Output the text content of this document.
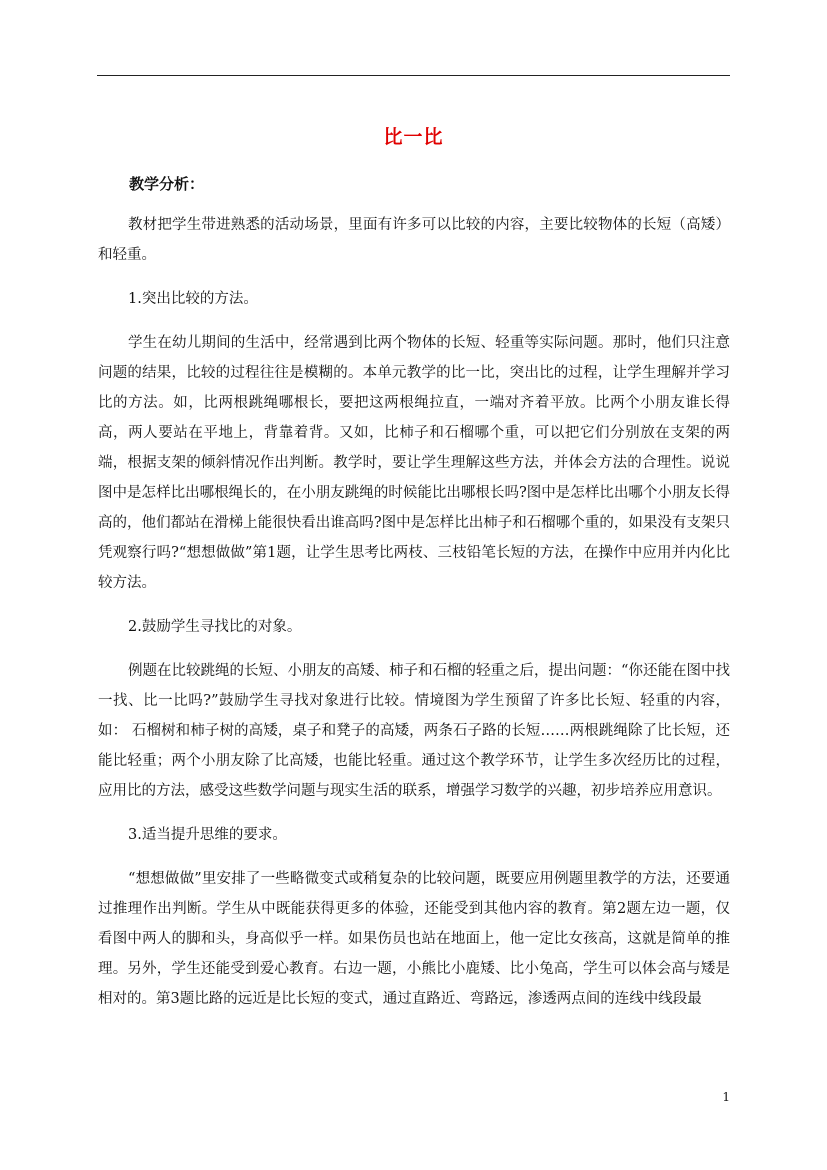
比一比
教学分析：

教材把学生带进熟悉的活动场景，里面有许多可以比较的内容，主要比较物体的长短（高矮）和轻重。

1.突出比较的方法。

学生在幼儿期间的生活中，经常遇到比两个物体的长短、轻重等实际问题。那时，他们只注意问题的结果，比较的过程往往是模糊的。本单元教学的比一比，突出比的过程，让学生理解并学习比的方法。如，比两根跳绳哪根长，要把这两根绳拉直，一端对齐着平放。比两个小朋友谁长得高，两人要站在平地上，背靠着背。又如，比柿子和石榴哪个重，可以把它们分别放在支架的两端，根据支架的倾斜情况作出判断。教学时，要让学生理解这些方法，并体会方法的合理性。说说图中是怎样比出哪根绳长的，在小朋友跳绳的时候能比出哪根长吗?图中是怎样比出哪个小朋友长得高的，他们都站在滑梯上能很快看出谁高吗?图中是怎样比出柿子和石榴哪个重的，如果没有支架只凭观察行吗?“想想做做”第1题，让学生思考比两枝、三枝铅笔长短的方法，在操作中应用并内化比较方法。

2.鼓励学生寻找比的对象。

例题在比较跳绳的长短、小朋友的高矮、柿子和石榴的轻重之后，提出问题：“你还能在图中找一找、比一比吗?”鼓励学生寻找对象进行比较。情境图为学生预留了许多比长短、轻重的内容，如： 石榴树和柿子树的高矮，桌子和凳子的高矮，两条石子路的长短……两根跳绳除了比长短，还能比轻重；两个小朋友除了比高矮，也能比轻重。通过这个教学环节，让学生多次经历比的过程，应用比的方法，感受这些数学问题与现实生活的联系，增强学习数学的兴趣，初步培养应用意识。

3.适当提升思维的要求。

“想想做做”里安排了一些略微变式或稍复杂的比较问题，既要应用例题里教学的方法，还要通过推理作出判断。学生从中既能获得更多的体验，还能受到其他内容的教育。第2题左边一题，仅看图中两人的脚和头，身高似乎一样。如果伤员也站在地面上，他一定比女孩高，这就是简单的推理。另外，学生还能受到爱心教育。右边一题，小熊比小鹿矮、比小兔高，学生可以体会高与矮是相对的。第3题比路的远近是比长短的变式，通过直路近、弯路远，渗透两点间的连线中线段最

1
